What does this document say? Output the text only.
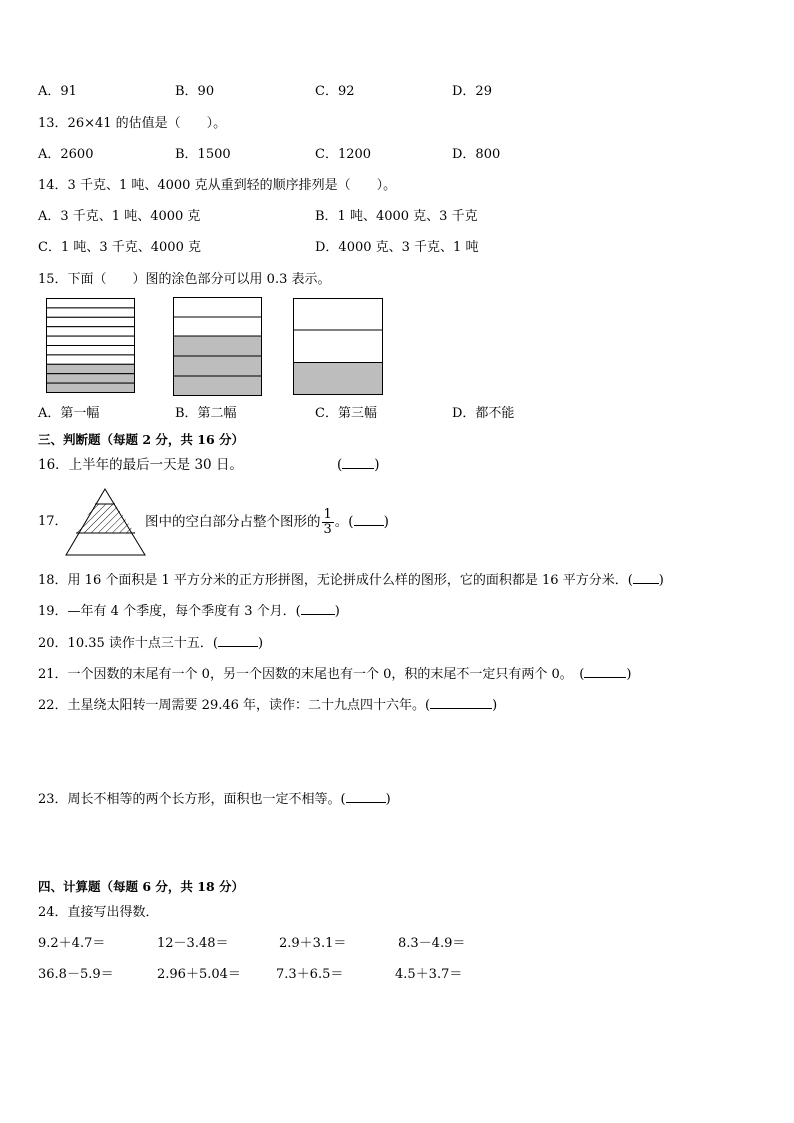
A．91	B．90	C．92	D．29
13．26×41 的估值是（　　）。
A．2600	B．1500	C．1200	D．800
14．3 千克、1 吨、4000 克从重到轻的顺序排列是（　　）。
A．3 千克、1 吨、4000 克	B．1 吨、4000 克、3 千克
C．1 吨、3 千克、4000 克	D．4000 克、3 千克、1 吨
15．下面（　　）图的涂色部分可以用 0.3 表示。
A．第一幅	B．第二幅	C．第三幅	D．都不能
三、判断题（每题 2 分，共 16 分）
16．上半年的最后一天是 30 日。	( )
17．	图中的空白部分占整个图形的 $\frac{1}{3}$ 。( )
18．用 16 个面积是 1 平方分米的正方形拼图，无论拼成什么样的图形，它的面积都是 16 平方分米．( )
19．—年有 4 个季度，每个季度有 3 个月．(	)
20．10.35 读作十点三十五．(	)
21．一个因数的末尾有一个 0，另一个因数的末尾也有一个 0，积的末尾不一定只有两个 0。　(	)
22．土星绕太阳转一周需要 29.46 年，读作：二十九点四十六年。(	)
23．周长不相等的两个长方形，面积也一定不相等。(	)
四、计算题（每题 6 分，共 18 分）
24．直接写出得数．
9.2＋4.7＝	12－3.48＝	2.9＋3.1＝	8.3－4.9＝
36.8－5.9＝	2.96＋5.04＝	7.3＋6.5＝	4.5＋3.7＝
